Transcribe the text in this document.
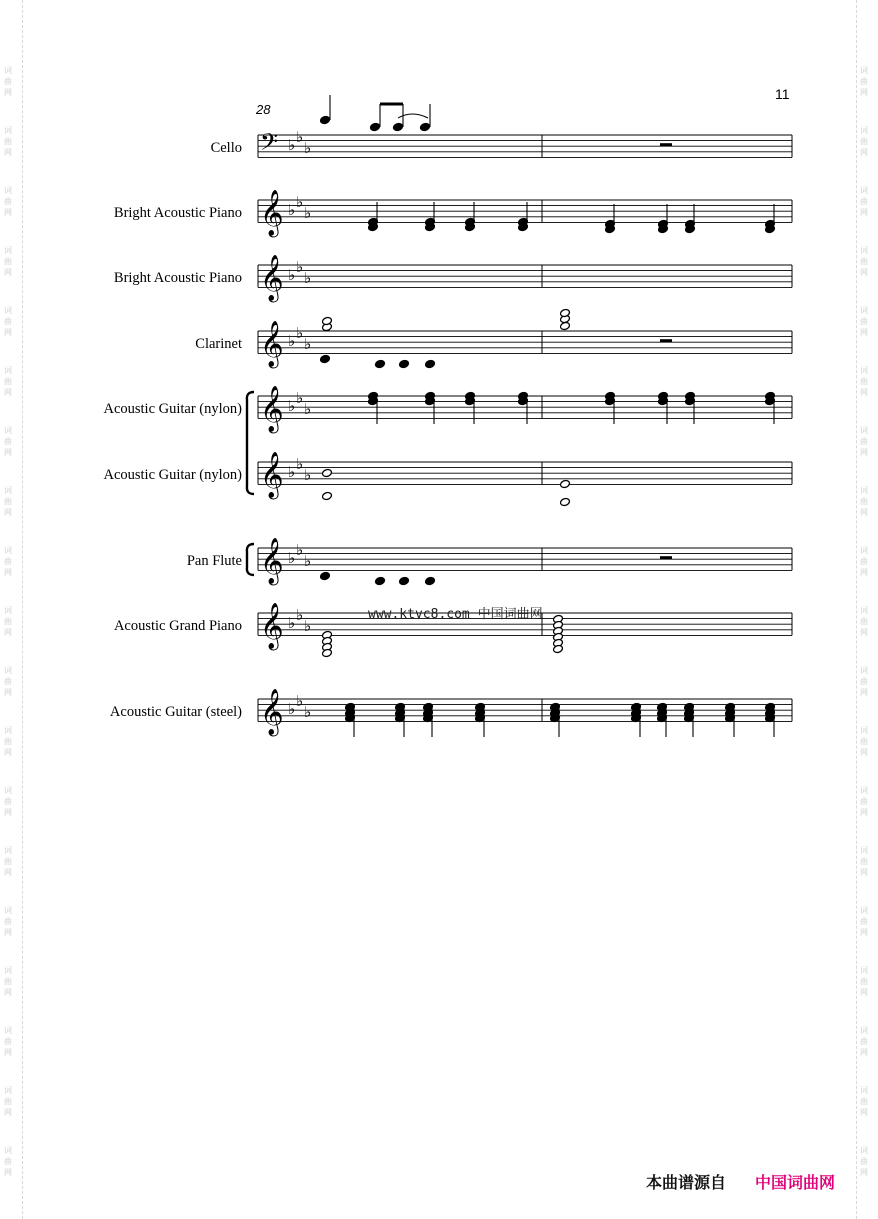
词
曲
网
词
曲
网
词
曲
网
词
曲
网
词
曲
网
词
曲
网
词
曲
网
词
曲
网
词
曲
网
词
曲
网
词
曲
网
词
曲
网
词
曲
网
词
曲
网
词
曲
网
词
曲
网
词
曲
网
词
曲
网
词
曲
网
词
曲
网
词
曲
网
词
曲
网
词
曲
网
词
曲
网
词
曲
网
词
曲
网
词
曲
网
词
曲
网
词
曲
网
词
曲
网
词
曲
网
词
曲
网
词
曲
网
词
曲
网
词
曲
网
词
曲
网
词
曲
网
词
曲
网
11
28
Cello
Bright Acoustic Piano
Bright Acoustic Piano
Clarinet
Acoustic Guitar (nylon)
Acoustic Guitar (nylon)
Pan Flute
Acoustic Grand Piano
Acoustic Guitar (steel)
𝄢 ♭ ♭
♭
𝄞 ♭ ♭
♭
𝄞 ♭ ♭
♭
𝄞 ♭ ♭
♭
𝄞 ♭ ♭
♭
𝄞 ♭ ♭
♭
𝄞 ♭ ♭
♭
𝄞 ♭ ♭
♭
𝄞 ♭ ♭
♭
www.ktvc8.com 中国词曲网
本曲谱源自 中国词曲网
